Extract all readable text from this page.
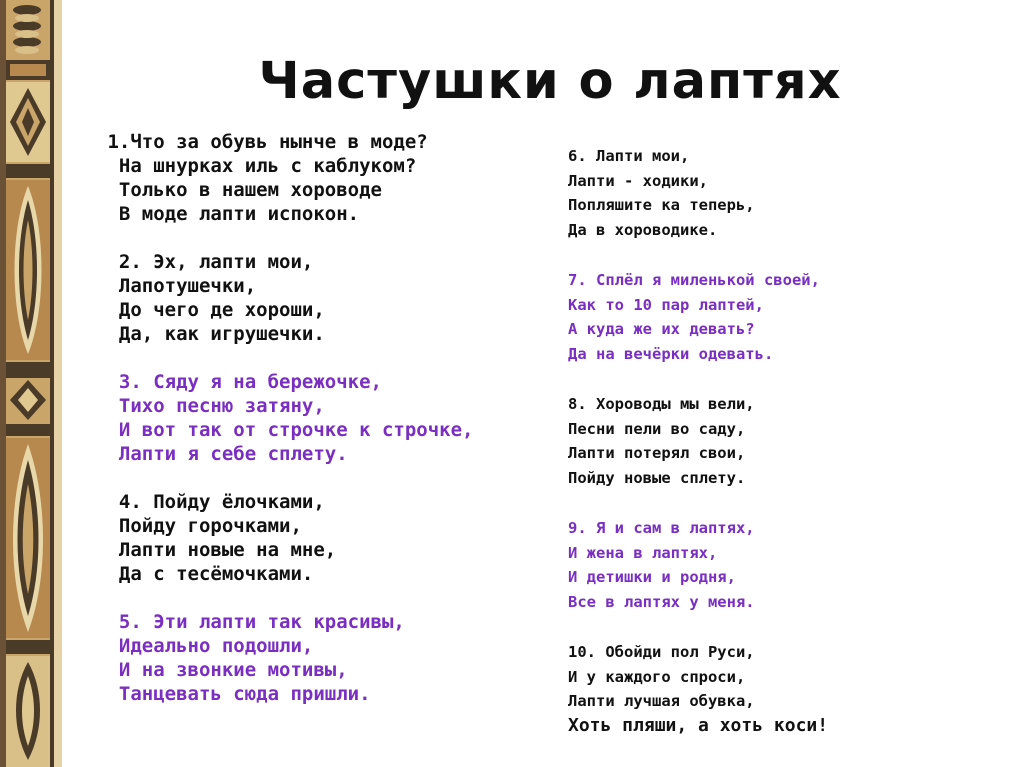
Частушки о лаптях

1.Что за обувь нынче в моде?
На шнурках иль с каблуком?
Только в нашем хороводе
В моде лапти испокон.

2. Эх, лапти мои,
Лапотушечки,
До чего де хороши,
Да, как игрушечки.

3. Сяду я на бережочке,
Тихо песню затяну,
И вот так от строчке к строчке,
Лапти я себе сплету.

4. Пойду ёлочками,
Пойду горочками,
Лапти новые на мне,
Да с тесёмочками.

5. Эти лапти так красивы,
Идеально подошли,
И на звонкие мотивы,
Танцевать сюда пришли.

6. Лапти мои,
Лапти - ходики,
Попляшите ка теперь,
Да в хороводике.

7. Сплёл я миленькой своей,
Как то 10 пар лаптей,
А куда же их девать?
Да на вечёрки одевать.

8. Хороводы мы вели,
Песни пели во саду,
Лапти потерял свои,
Пойду новые сплету.

9. Я и сам в лаптях,
И жена в лаптях,
И детишки и родня,
Все в лаптях у меня.

10. Обойди пол Руси,
И у каждого спроси,
Лапти лучшая обувка,
Хоть пляши, а хоть коси!
